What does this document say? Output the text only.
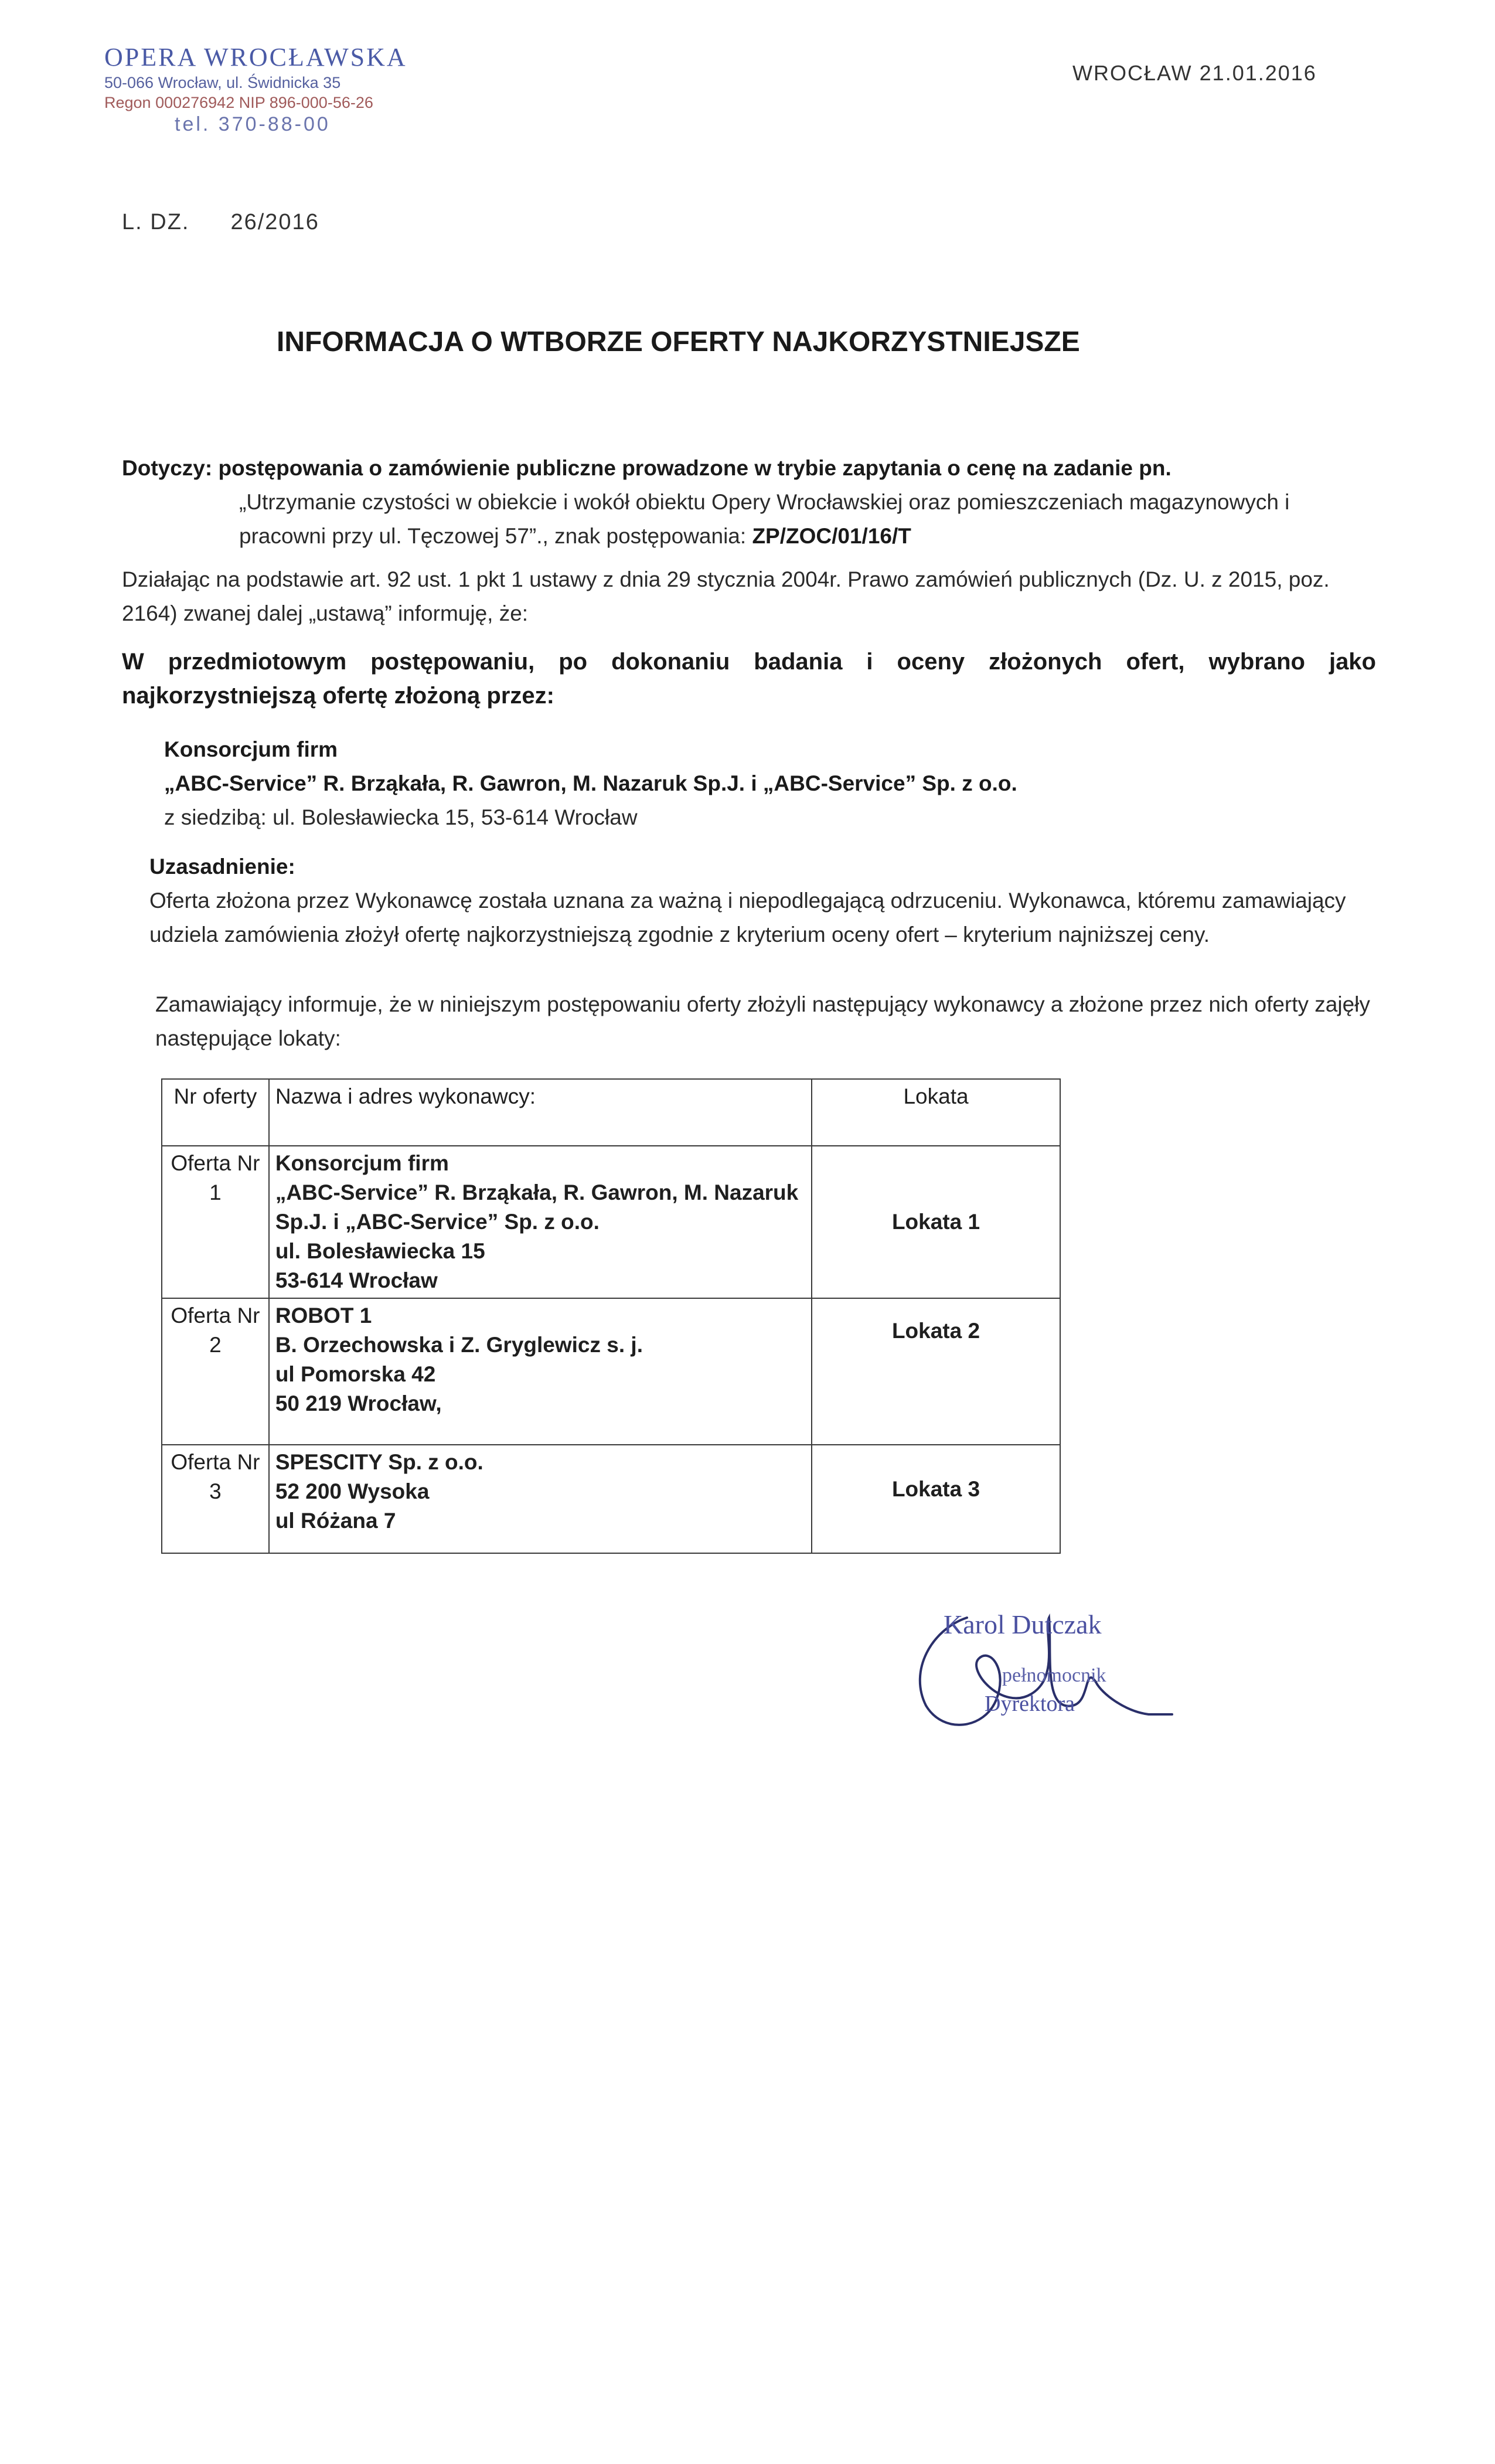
OPERA WROCŁAWSKA
50-066 Wrocław, ul. Świdnicka 35
Regon 000276942 NIP 896-000-56-26
tel. 370-88-00
WROCŁAW 21.01.2016
L. DZ. 26/2016
INFORMACJA O WTBORZE OFERTY NAJKORZYSTNIEJSZE
Dotyczy: postępowania o zamówienie publiczne prowadzone w trybie zapytania o cenę na zadanie pn.
„Utrzymanie czystości w obiekcie i wokół obiektu Opery Wrocławskiej oraz pomieszczeniach magazynowych i pracowni przy ul. Tęczowej 57”., znak postępowania: ZP/ZOC/01/16/T
Działając na podstawie art. 92 ust. 1 pkt 1 ustawy z dnia 29 stycznia 2004r. Prawo zamówień publicznych (Dz. U. z 2015, poz. 2164) zwanej dalej „ustawą” informuję, że:
W przedmiotowym postępowaniu, po dokonaniu badania i oceny złożonych ofert, wybrano jako najkorzystniejszą ofertę złożoną przez:
Konsorcjum firm
„ABC-Service” R. Brząkała, R. Gawron, M. Nazaruk Sp.J. i „ABC-Service” Sp. z o.o.
z siedzibą: ul. Bolesławiecka 15, 53-614 Wrocław
Uzasadnienie:
Oferta złożona przez Wykonawcę została uznana za ważną i niepodlegającą odrzuceniu. Wykonawca, któremu zamawiający udziela zamówienia złożył ofertę najkorzystniejszą zgodnie z kryterium oceny ofert – kryterium najniższej ceny.
Zamawiający informuje, że w niniejszym postępowaniu oferty złożyli następujący wykonawcy a złożone przez nich oferty zajęły następujące lokaty:
Nr oferty	Nazwa i adres wykonawcy:	Lokata
Oferta Nr 1	Konsorcjum firm
„ABC-Service” R. Brząkała, R. Gawron, M. Nazaruk Sp.J. i „ABC-Service” Sp. z o.o.
ul. Bolesławiecka 15
53-614 Wrocław	Lokata 1
Oferta Nr 2	ROBOT 1
B. Orzechowska i Z. Gryglewicz s. j.
ul Pomorska 42
50 219 Wrocław,	Lokata 2
Oferta Nr 3	SPESCITY Sp. z o.o.
52 200 Wysoka
ul Różana 7	Lokata 3
Karol Dutczak
pełnomocnik
Dyrektora
